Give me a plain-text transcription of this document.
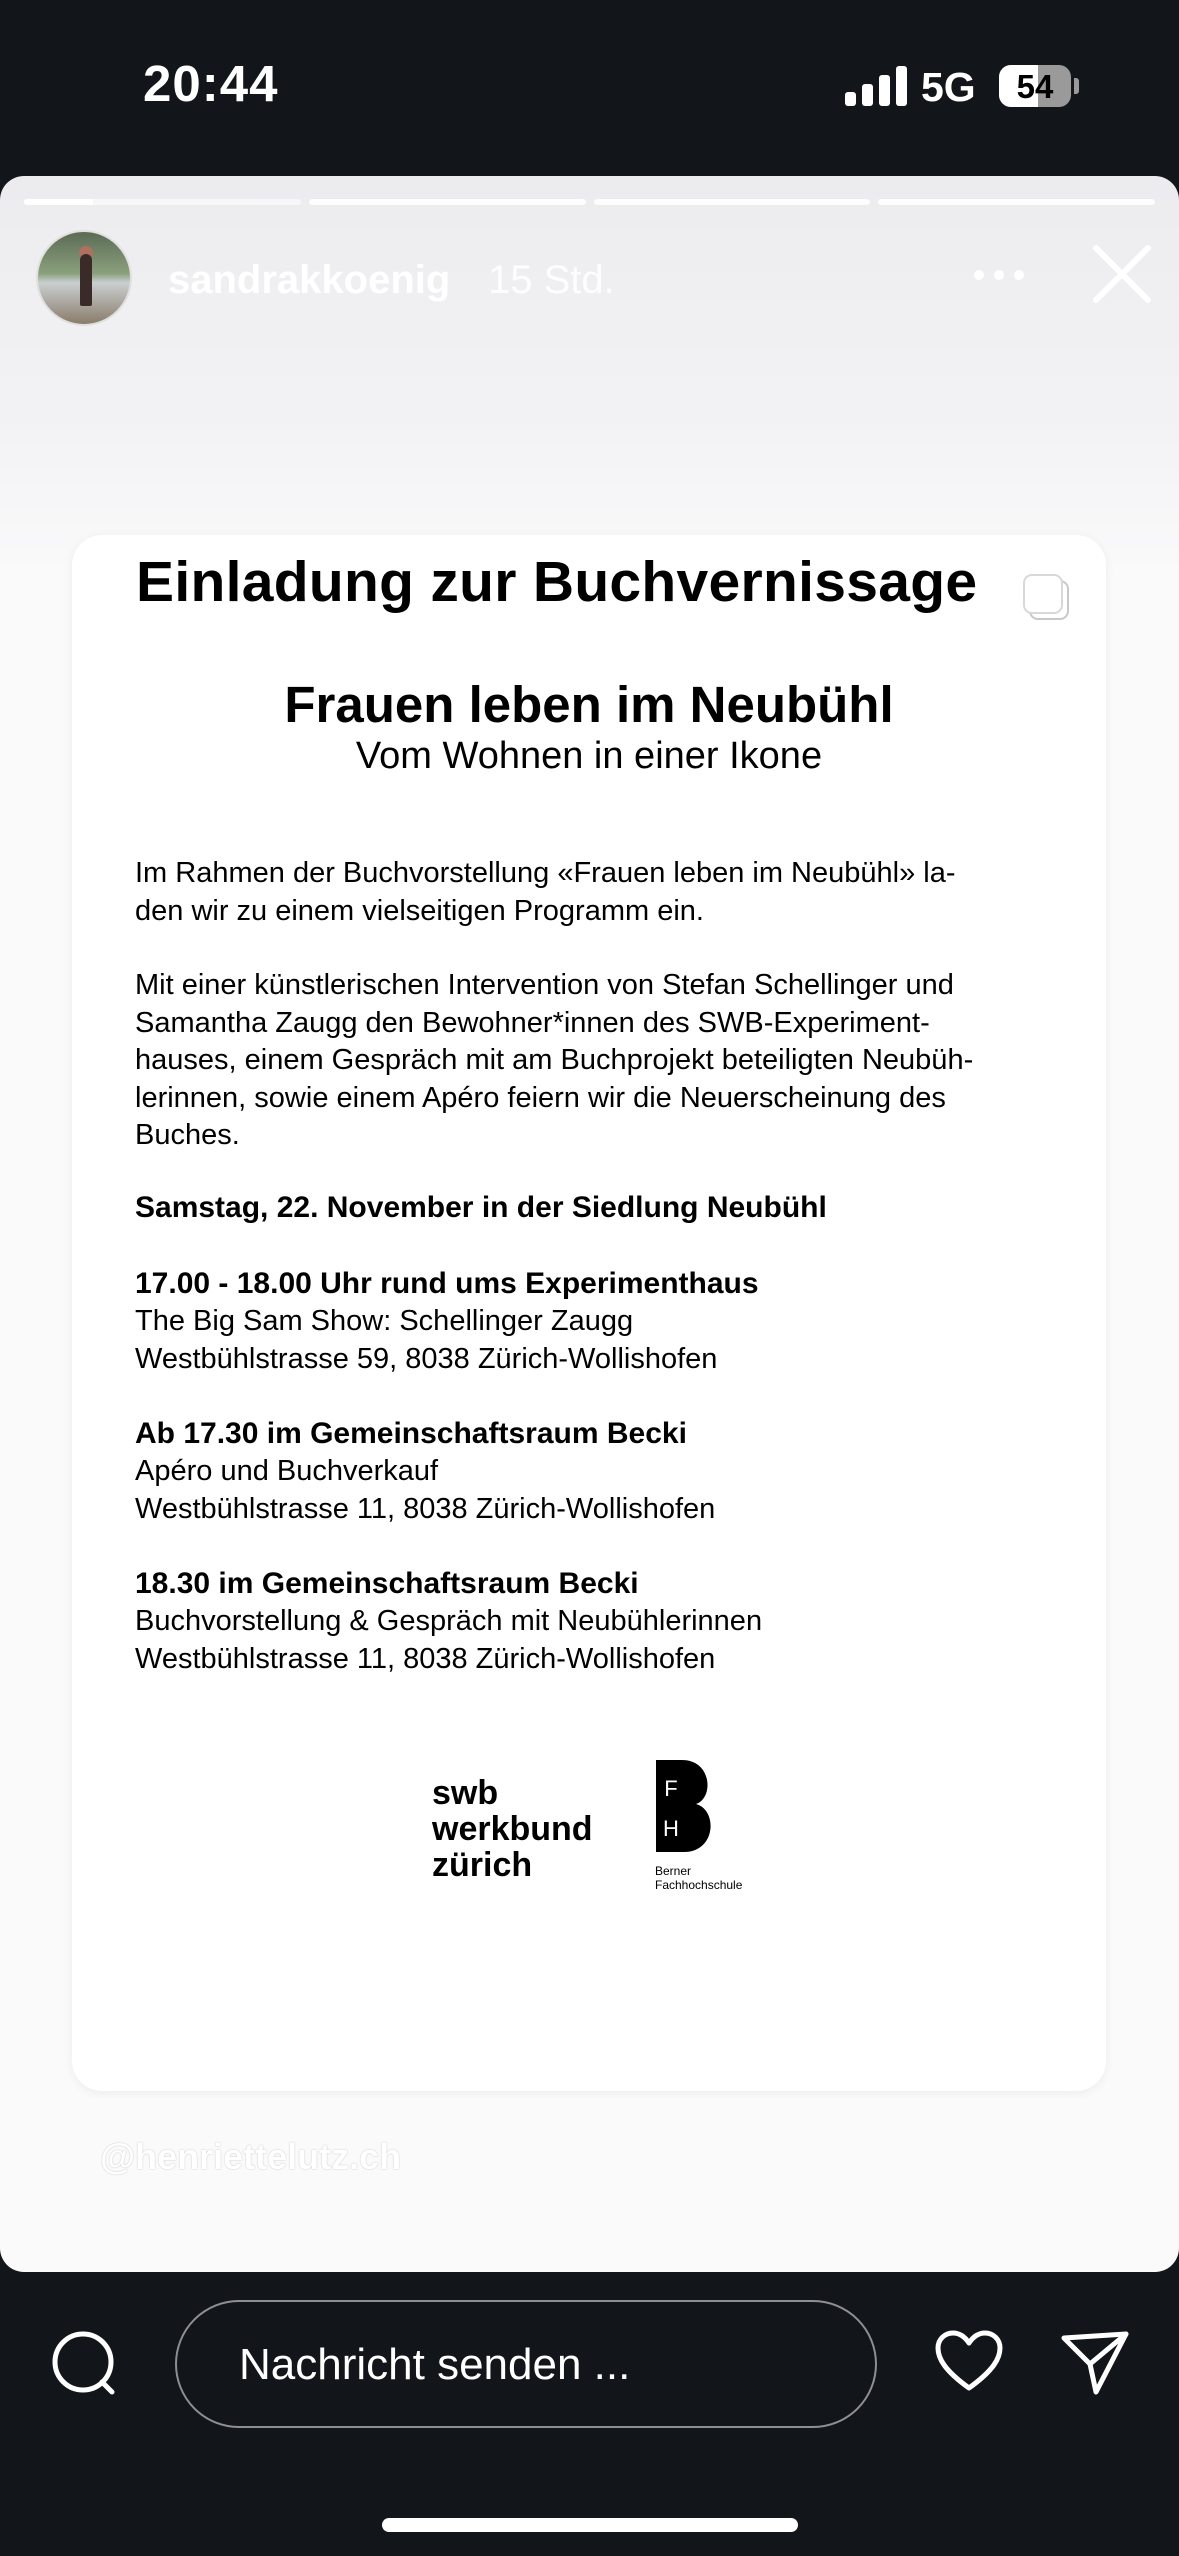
20:44	5G	54
sandrakkoenig 15 Std.
Einladung zur Buchvernissage
Frauen leben im Neubühl
Vom Wohnen in einer Ikone
Im Rahmen der Buchvorstellung «Frauen leben im Neubühl» la-
den wir zu einem vielseitigen Programm ein.
Mit einer künstlerischen Intervention von Stefan Schellinger und
Samantha Zaugg den Bewohner*innen des SWB-Experiment-
hauses, einem Gespräch mit am Buchprojekt beteiligten Neubüh-
lerinnen, sowie einem Apéro feiern wir die Neuerscheinung des
Buches.
Samstag, 22. November in der Siedlung Neubühl
17.00 - 18.00 Uhr rund ums Experimenthaus
The Big Sam Show: Schellinger Zaugg
Westbühlstrasse 59, 8038 Zürich-Wollishofen
Ab 17.30 im Gemeinschaftsraum Becki
Apéro und Buchverkauf
Westbühlstrasse 11, 8038 Zürich-Wollishofen
18.30 im Gemeinschaftsraum Becki
Buchvorstellung & Gespräch mit Neubühlerinnen
Westbühlstrasse 11, 8038 Zürich-Wollishofen
swb
werkbund
zürich
F
H
Berner
Fachhochschule
@henriettelutz.ch
Nachricht senden ...
